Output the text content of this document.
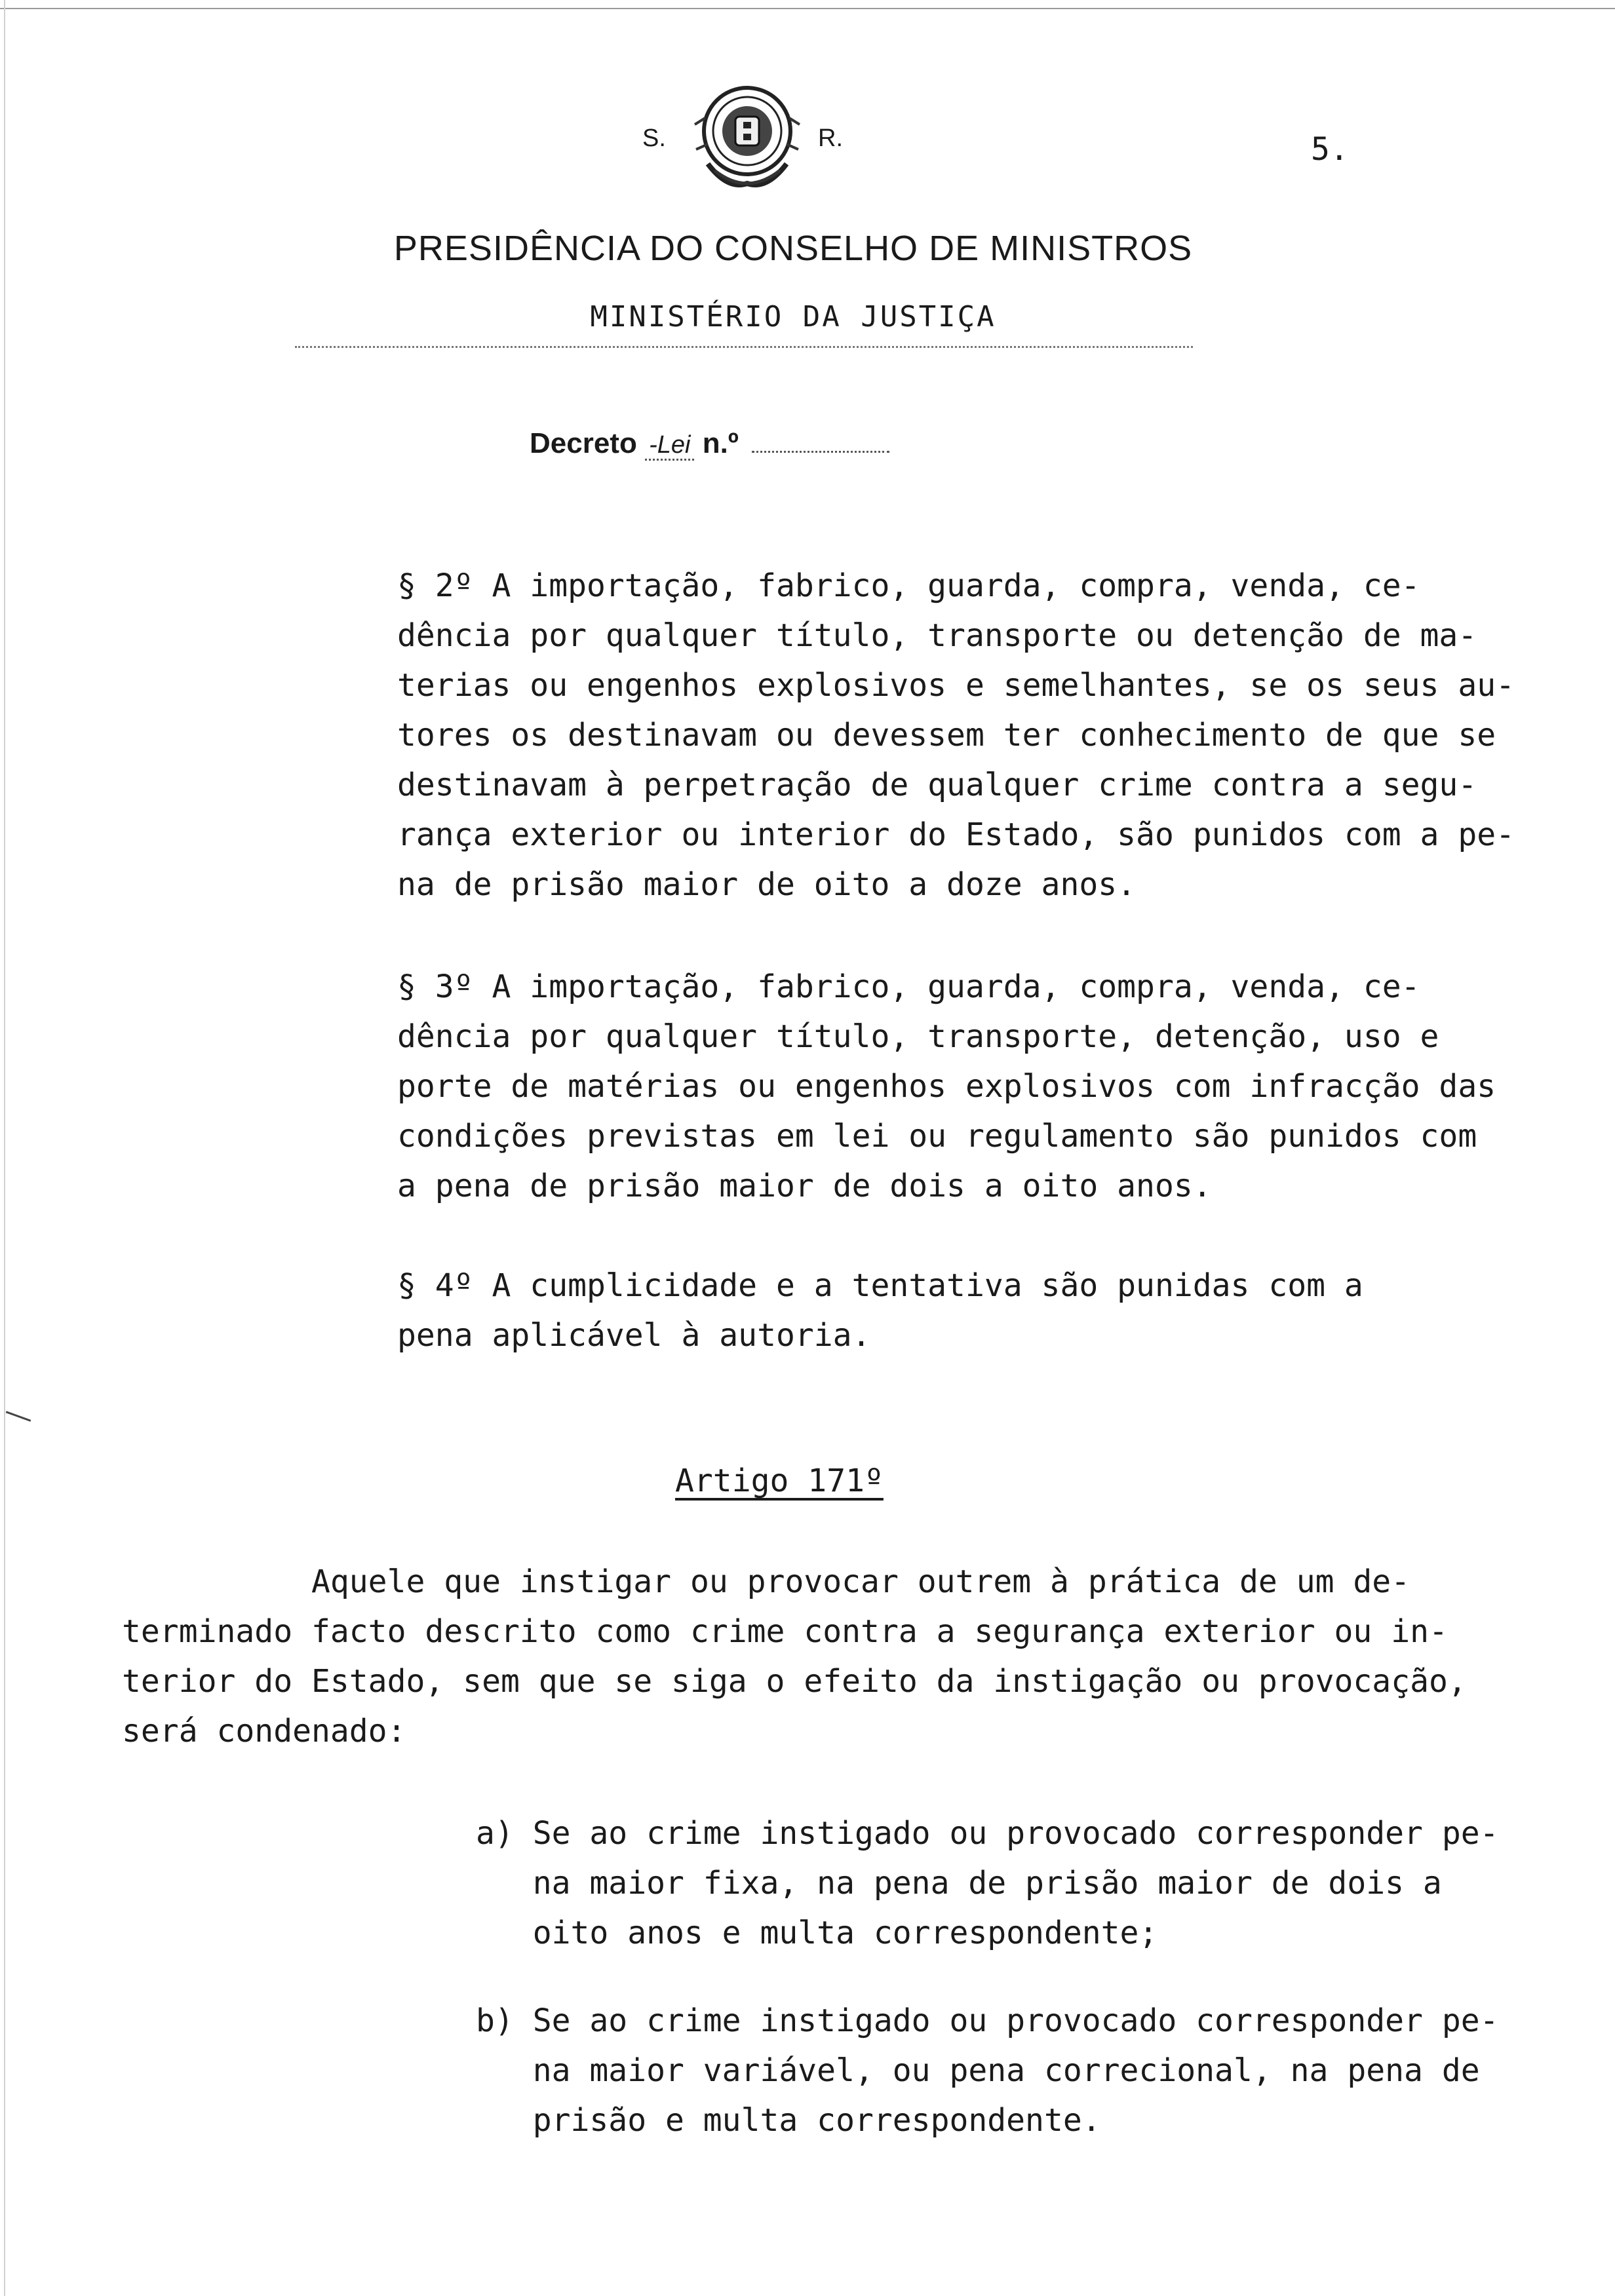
S.	R.	5.
PRESIDÊNCIA DO CONSELHO DE MINISTROS
MINISTÉRIO DA JUSTIÇA
Decreto -Lei n.º
§ 2º A importação, fabrico, guarda, compra, venda, ce-
dência por qualquer título, transporte ou detenção de ma-
terias ou engenhos explosivos e semelhantes, se os seus au-
tores os destinavam ou devessem ter conhecimento de que se
destinavam à perpetração de qualquer crime contra a segu-
rança exterior ou interior do Estado, são punidos com a pe-
na de prisão maior de oito a doze anos.
§ 3º A importação, fabrico, guarda, compra, venda, ce-
dência por qualquer título, transporte, detenção, uso e
porte de matérias ou engenhos explosivos com infracção das
condições previstas em lei ou regulamento são punidos com
a pena de prisão maior de dois a oito anos.
§ 4º A cumplicidade e a tentativa são punidas com a
pena aplicável à autoria.
Artigo 171º
Aquele que instigar ou provocar outrem à prática de um de-
terminado facto descrito como crime contra a segurança exterior ou in-
terior do Estado, sem que se siga o efeito da instigação ou provocação,
será condenado:
a) Se ao crime instigado ou provocado corresponder pe-
na maior fixa, na pena de prisão maior de dois a
oito anos e multa correspondente;
b) Se ao crime instigado ou provocado corresponder pe-
na maior variável, ou pena correcional, na pena de
prisão e multa correspondente.
